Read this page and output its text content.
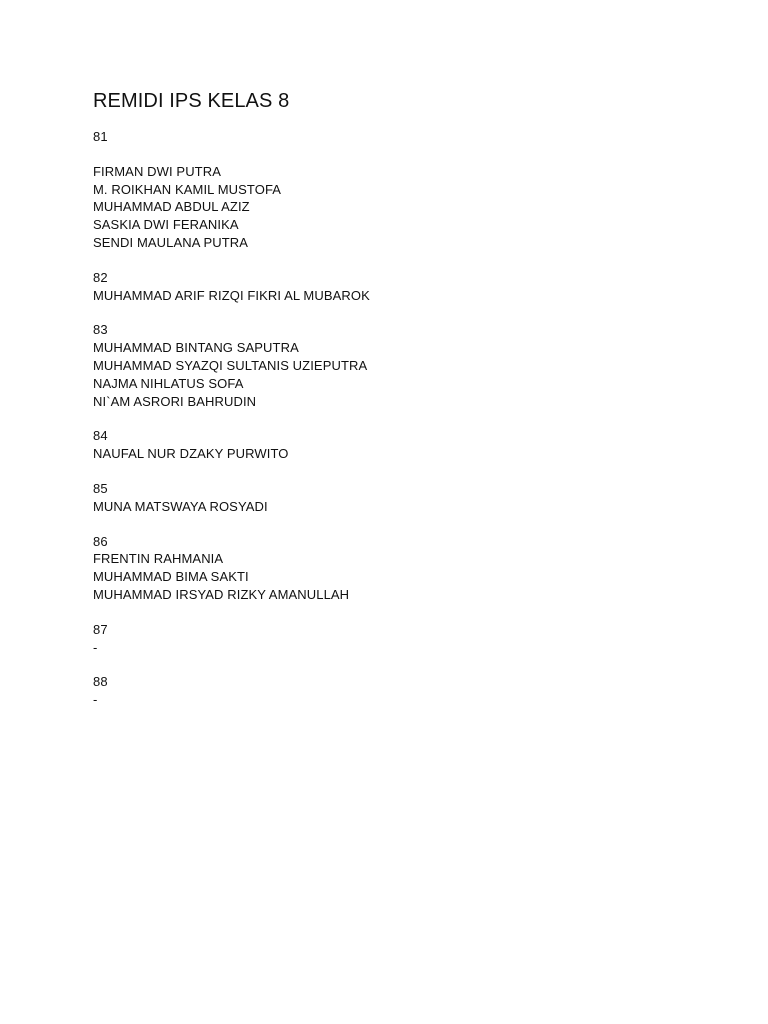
REMIDI IPS KELAS 8
81
FIRMAN DWI PUTRA
M. ROIKHAN KAMIL MUSTOFA
MUHAMMAD ABDUL AZIZ
SASKIA DWI FERANIKA
SENDI MAULANA PUTRA
82
MUHAMMAD ARIF RIZQI FIKRI AL MUBAROK
83
MUHAMMAD BINTANG SAPUTRA
MUHAMMAD SYAZQI SULTANIS UZIEPUTRA
NAJMA NIHLATUS SOFA
NI`AM ASRORI BAHRUDIN
84
NAUFAL NUR DZAKY PURWITO
85
MUNA MATSWAYA ROSYADI
86
FRENTIN RAHMANIA
MUHAMMAD BIMA SAKTI
MUHAMMAD IRSYAD RIZKY AMANULLAH
87
-
88
-
